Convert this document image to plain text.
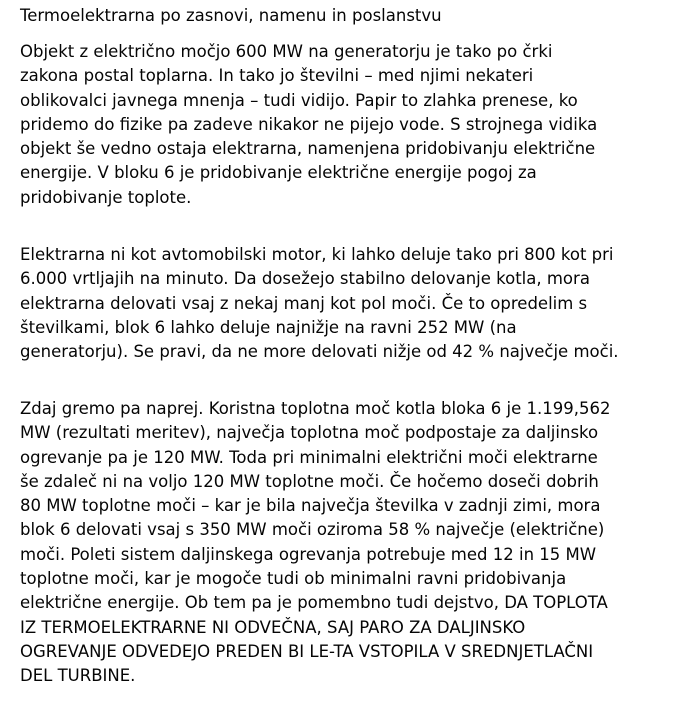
Termoelektrarna po zasnovi, namenu in poslanstvu

Objekt z električno močjo 600 MW na generatorju je tako po črki
zakona postal toplarna. In tako jo številni – med njimi nekateri
oblikovalci javnega mnenja – tudi vidijo. Papir to zlahka prenese, ko
pridemo do fizike pa zadeve nikakor ne pijejo vode. S strojnega vidika
objekt še vedno ostaja elektrarna, namenjena pridobivanju električne
energije. V bloku 6 je pridobivanje električne energije pogoj za
pridobivanje toplote.

Elektrarna ni kot avtomobilski motor, ki lahko deluje tako pri 800 kot pri
6.000 vrtljajih na minuto. Da dosežejo stabilno delovanje kotla, mora
elektrarna delovati vsaj z nekaj manj kot pol moči. Če to opredelim s
številkami, blok 6 lahko deluje najnižje na ravni 252 MW (na
generatorju). Se pravi, da ne more delovati nižje od 42 % največje moči.

Zdaj gremo pa naprej. Koristna toplotna moč kotla bloka 6 je 1.199,562
MW (rezultati meritev), največja toplotna moč podpostaje za daljinsko
ogrevanje pa je 120 MW. Toda pri minimalni električni moči elektrarne
še zdaleč ni na voljo 120 MW toplotne moči. Če hočemo doseči dobrih
80 MW toplotne moči – kar je bila največja številka v zadnji zimi, mora
blok 6 delovati vsaj s 350 MW moči oziroma 58 % največje (električne)
moči. Poleti sistem daljinskega ogrevanja potrebuje med 12 in 15 MW
toplotne moči, kar je mogoče tudi ob minimalni ravni pridobivanja
električne energije. Ob tem pa je pomembno tudi dejstvo, DA TOPLOTA
IZ TERMOELEKTRARNE NI ODVEČNA, SAJ PARO ZA DALJINSKO
OGREVANJE ODVEDEJO PREDEN BI LE-TA VSTOPILA V SREDNJETLAČNI
DEL TURBINE.
